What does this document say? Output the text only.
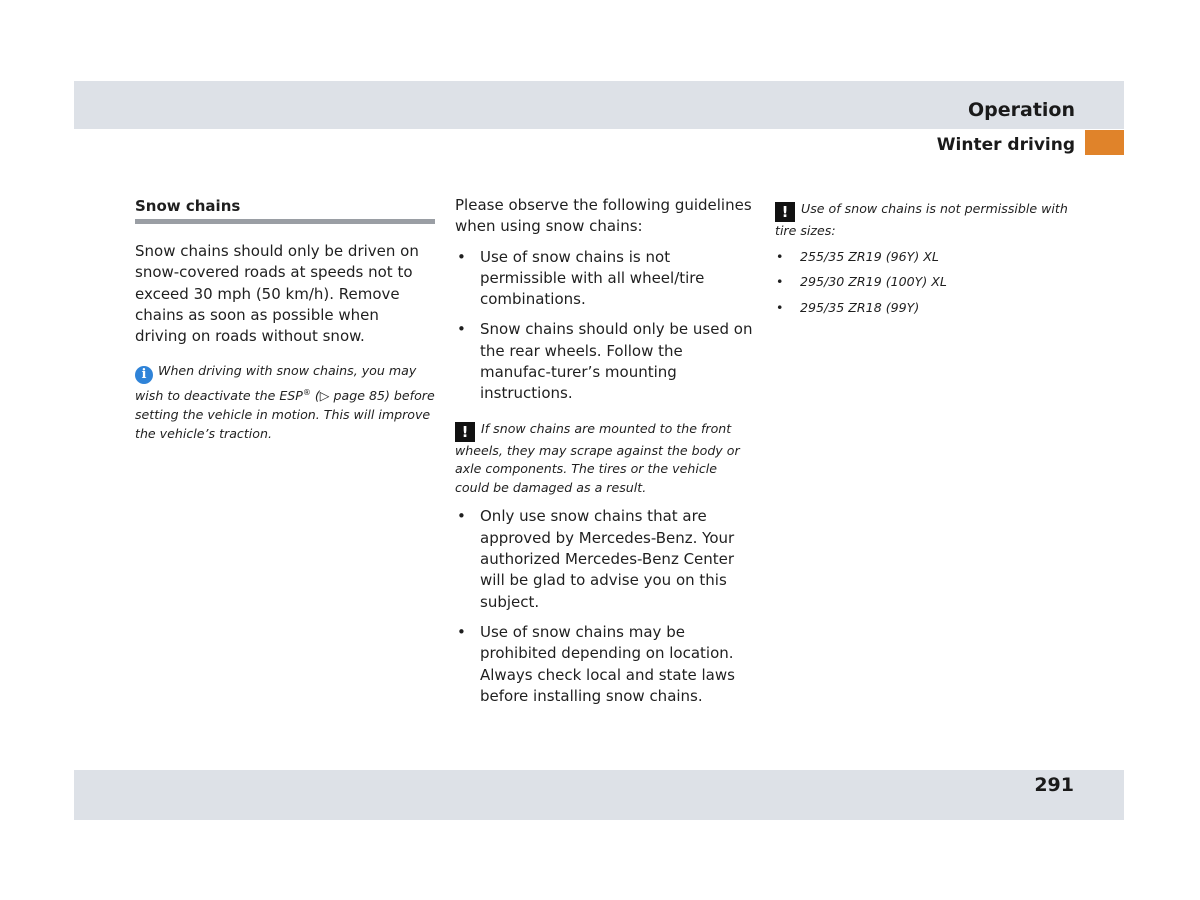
Operation
Winter driving
Snow chains

Snow chains should only be driven on snow-covered roads at speeds not to exceed 30 mph (50 km/h). Remove chains as soon as possible when driving on roads without snow.

i When driving with snow chains, you may wish to deactivate the ESP® (▷ page 85) before setting the vehicle in motion. This will improve the vehicle’s traction.

Please observe the following guidelines when using snow chains:

• Use of snow chains is not permissible with all wheel/tire combinations.
• Snow chains should only be used on the rear wheels. Follow the manufac-turer’s mounting instructions.

! If snow chains are mounted to the front wheels, they may scrape against the body or axle components. The tires or the vehicle could be damaged as a result.

• Only use snow chains that are approved by Mercedes-Benz. Your authorized Mercedes-Benz Center will be glad to advise you on this subject.
• Use of snow chains may be prohibited depending on location. Always check local and state laws before installing snow chains.

! Use of snow chains is not permissible with tire sizes:

• 255/35 ZR19 (96Y) XL
• 295/30 ZR19 (100Y) XL
• 295/35 ZR18 (99Y)
291
